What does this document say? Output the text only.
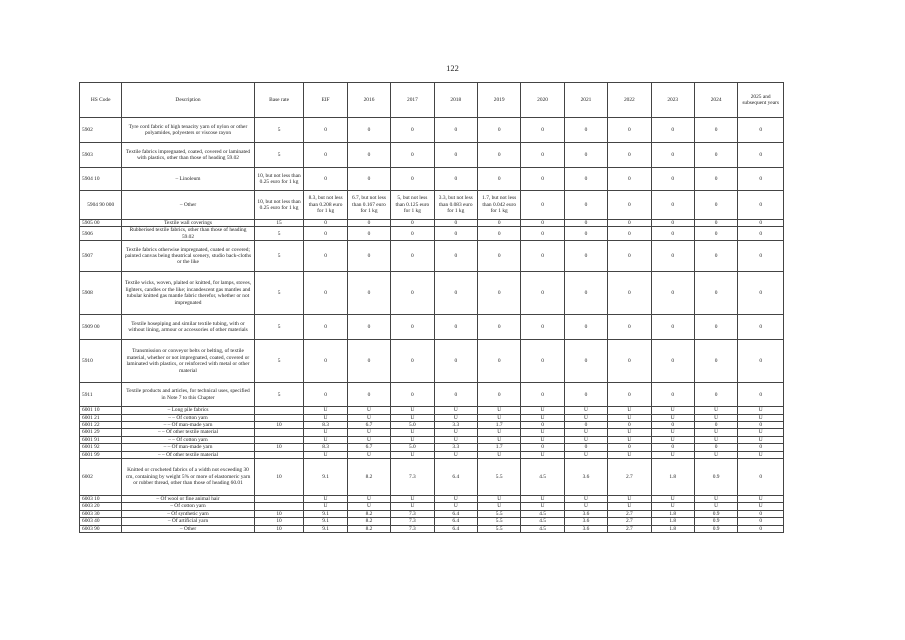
122
HS Code	Description	Base rate	EIF	2016	2017	2018	2019	2020	2021	2022	2023	2024	2025 and subsequent years
5902	Tyre cord fabric of high tenacity yarn of nylon or other polyamides, polyesters or viscose rayon	5	0	0	0	0	0	0	0	0	0	0	0
5903	Textile fabrics impregnated, coated, covered or laminated with plastics, other than those of heading 59.02	5	0	0	0	0	0	0	0	0	0	0	0
5904 10	– Linoleum	10, but not less than 0.25 euro for 1 kg	0	0	0	0	0	0	0	0	0	0	0
5904 90 000	– Other	10, but not less than 0.25 euro for 1 kg	8.3, but not less than 0.208 euro for 1 kg	6.7, but not less than 0.167 euro for 1 kg	5, but not less than 0.125 euro for 1 kg	3.3, but not less than 0.083 euro for 1 kg	1.7, but not less than 0.042 euro for 1 kg	0	0	0	0	0	0
5905 00	Textile wall coverings	15	0	0	0	0	0	0	0	0	0	0	0
5906	Rubberised textile fabrics, other than those of heading 59.02	5	0	0	0	0	0	0	0	0	0	0	0
5907	Textile fabrics otherwise impregnated, coated or covered; painted canvas being theatrical scenery, studio back-cloths or the like	5	0	0	0	0	0	0	0	0	0	0	0
5908	Textile wicks, woven, plaited or knitted, for lamps, stoves, lighters, candles or the like; incandescent gas mantles and tubular knitted gas mantle fabric therefor, whether or not impregnated	5	0	0	0	0	0	0	0	0	0	0	0
5909 00	Textile hosepiping and similar textile tubing, with or without lining, armour or accessories of other materials	5	0	0	0	0	0	0	0	0	0	0	0
5910	Transmission or conveyor belts or belting, of textile material, whether or not impregnated, coated, covered or laminated with plastics, or reinforced with metal or other material	5	0	0	0	0	0	0	0	0	0	0	0
5911	Textile products and articles, for technical uses, specified in Note 7 to this Chapter	5	0	0	0	0	0	0	0	0	0	0	0
6001 10	– Long pile fabrics		U	U	U	U	U	U	U	U	U	U	U
6001 21	– – Of cotton yarn		U	U	U	U	U	U	U	U	U	U	U
6001 22	– – Of man-made yarn	10	8.3	6.7	5.0	3.3	1.7	0	0	0	0	0	0
6001 29	– – Of other textile material		U	U	U	U	U	U	U	U	U	U	U
6001 91	– – Of cotton yarn		U	U	U	U	U	U	U	U	U	U	U
6001 92	– – Of man-made yarn	10	8.3	6.7	5.0	3.3	1.7	0	0	0	0	0	0
6001 99	– – Of other textile material		U	U	U	U	U	U	U	U	U	U	U
6002	Knitted or crocheted fabrics of a width not exceeding 30 cm, containing by weight 5% or more of elastomeric yarn or rubber thread, other than those of heading 60.01	10	9.1	8.2	7.3	6.4	5.5	4.5	3.6	2.7	1.8	0.9	0
6003 10	– Of wool or fine animal hair		U	U	U	U	U	U	U	U	U	U	U
6003 20	– Of cotton yarn		U	U	U	U	U	U	U	U	U	U	U
6003 30	– Of synthetic yarn	10	9.1	8.2	7.3	6.4	5.5	4.5	3.6	2.7	1.8	0.9	0
6003 40	– Of artificial yarn	10	9.1	8.2	7.3	6.4	5.5	4.5	3.6	2.7	1.8	0.9	0
6003 90	– Other	10	9.1	8.2	7.3	6.4	5.5	4.5	3.6	2.7	1.8	0.9	0
